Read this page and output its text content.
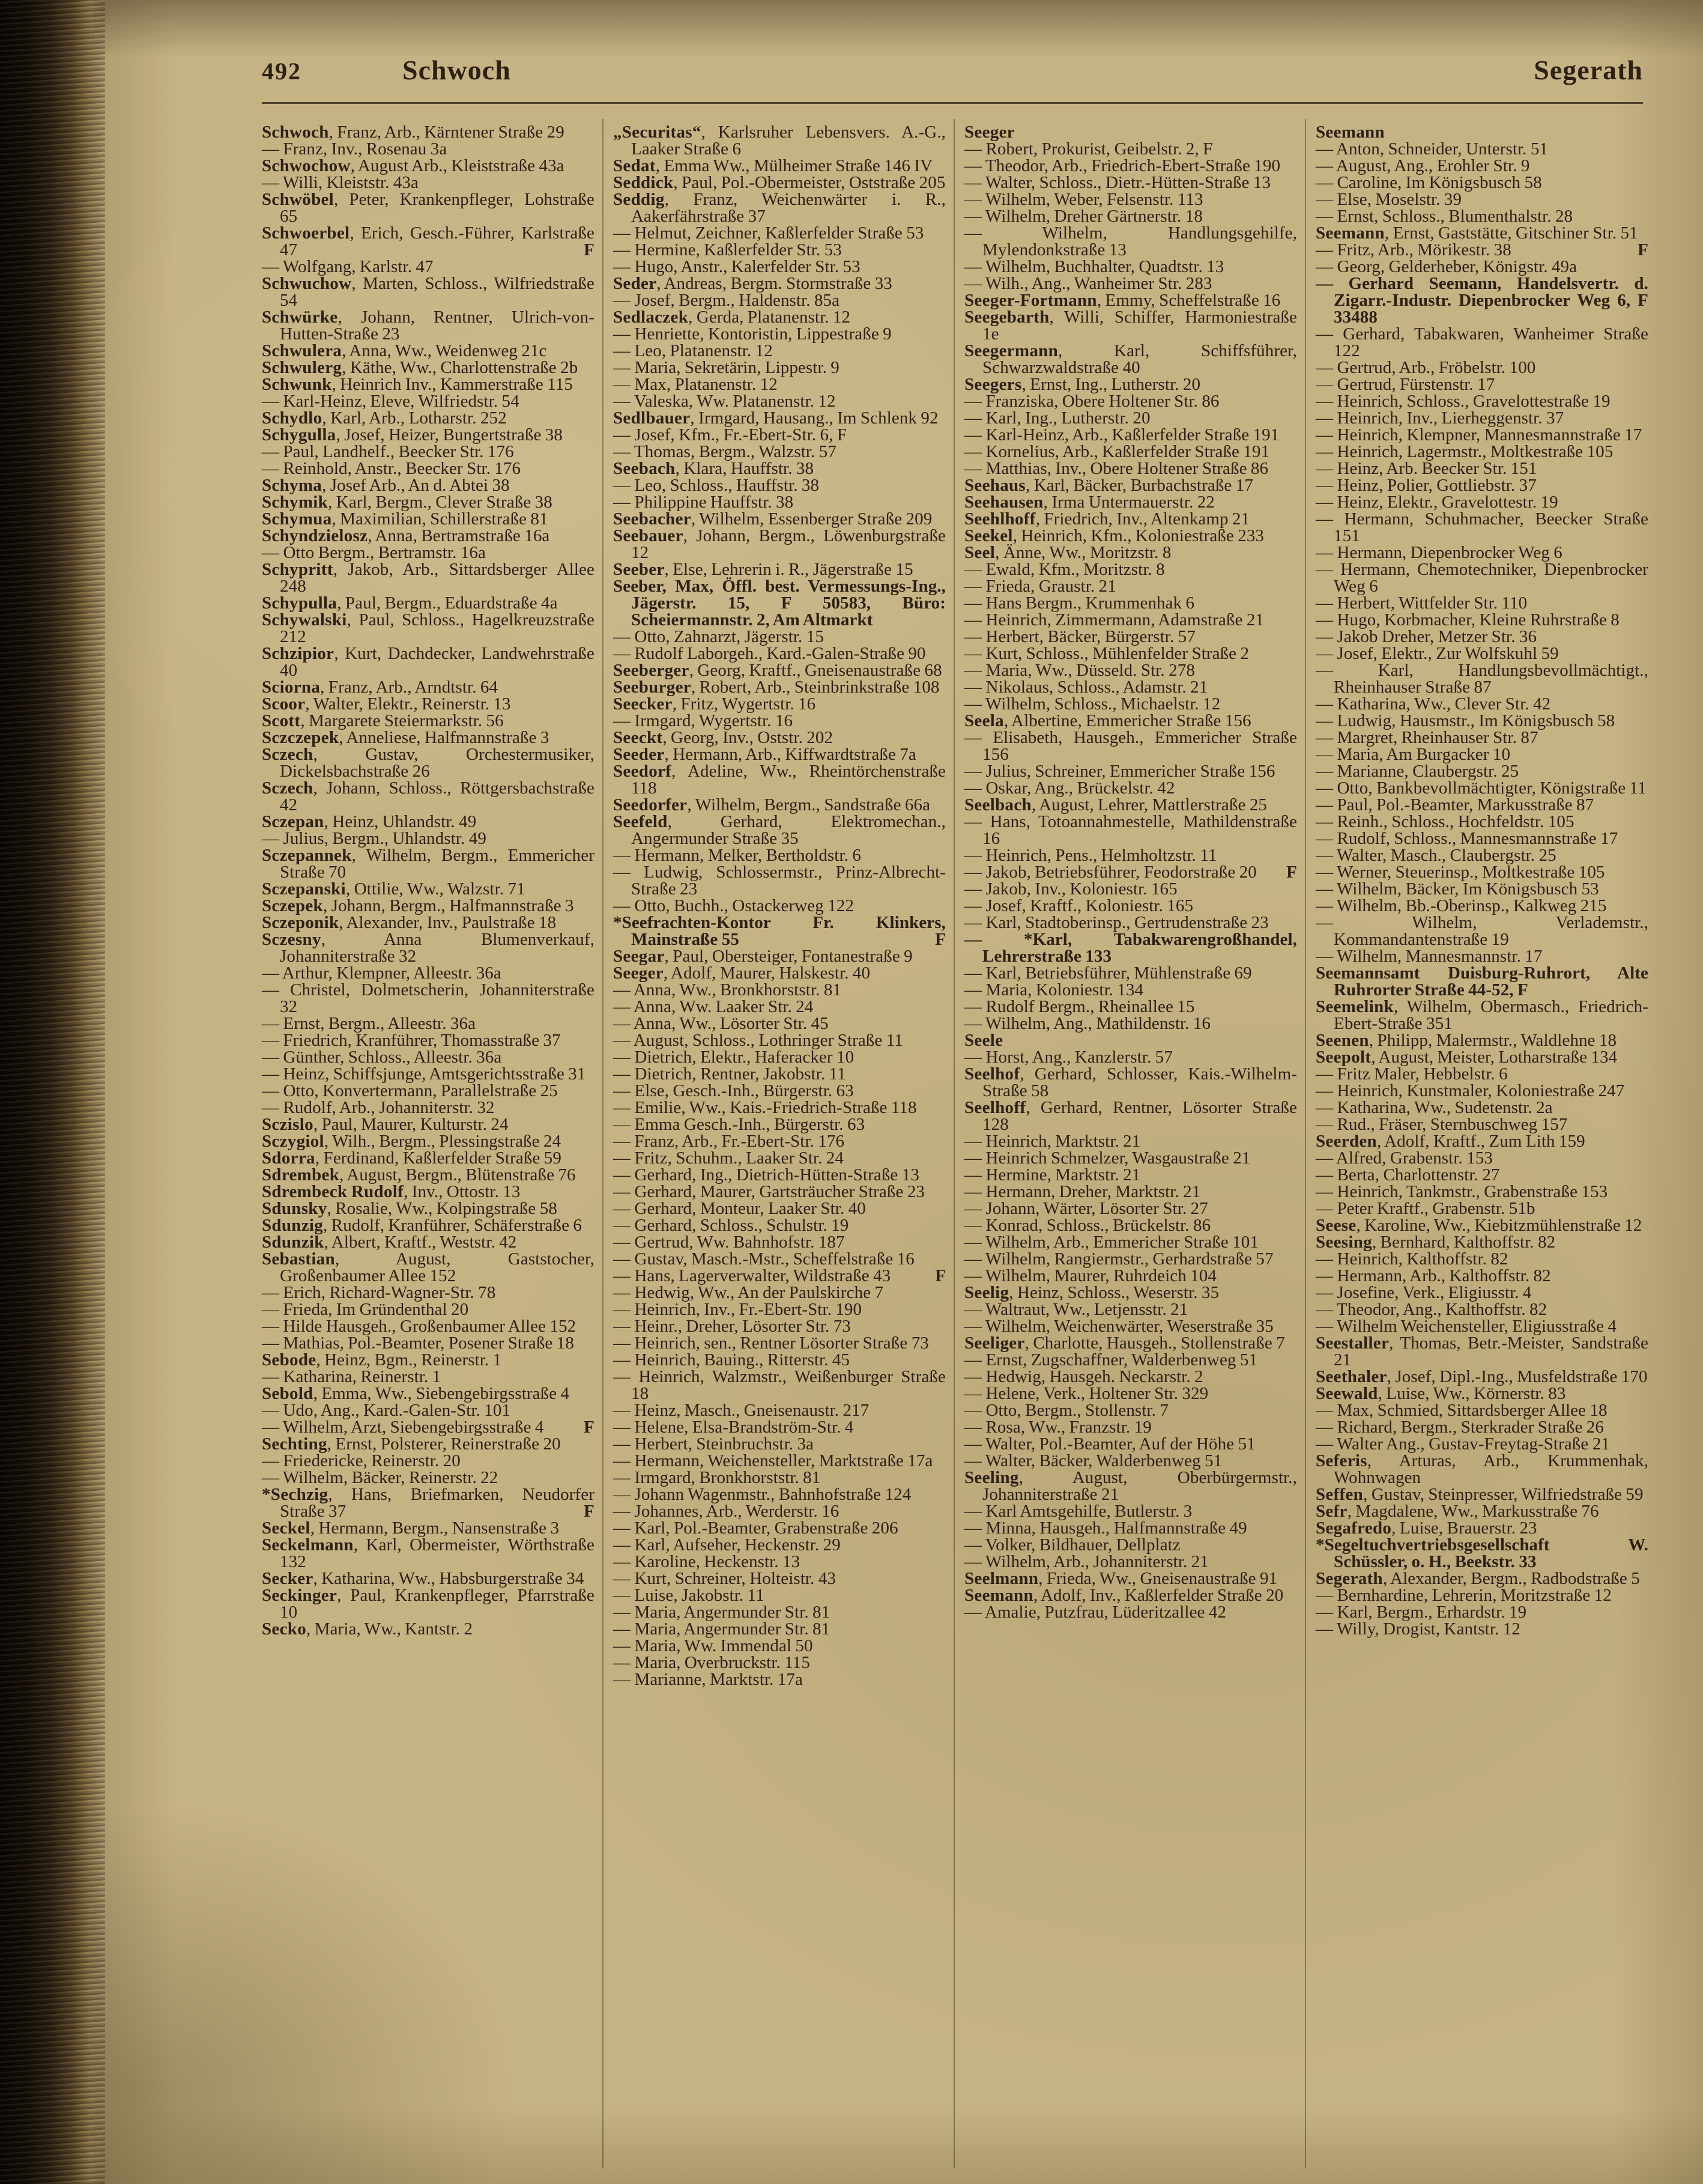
492	Schwoch	Segerath
Schwoch, Franz, Arb., Kärntener Straße 29
— Franz, Inv., Rosenau 3a
Schwochow, August Arb., Kleiststraße 43a
— Willi, Kleiststr. 43a
Schwöbel, Peter, Krankenpfleger, Lohstraße 65
Schwoerbel, Erich, Gesch.-Führer, Karlstraße 47	F
— Wolfgang, Karlstr. 47
Schwuchow, Marten, Schloss., Wilfriedstraße 54
Schwürke, Johann, Rentner, Ulrich-von-Hutten-Straße 23
Schwulera, Anna, Ww., Weidenweg 21c
Schwulerg, Käthe, Ww., Charlottenstraße 2b
Schwunk, Heinrich Inv., Kammerstraße 115
— Karl-Heinz, Eleve, Wilfriedstr. 54
Schydlo, Karl, Arb., Lotharstr. 252
Schygulla, Josef, Heizer, Bungertstraße 38
— Paul, Landhelf., Beecker Str. 176
— Reinhold, Anstr., Beecker Str. 176
Schyma, Josef Arb., An d. Abtei 38
Schymik, Karl, Bergm., Clever Straße 38
Schymua, Maximilian, Schillerstraße 81
Schyndzielosz, Anna, Bertramstraße 16a
— Otto Bergm., Bertramstr. 16a
Schypritt, Jakob, Arb., Sittardsberger Allee 248
Schypulla, Paul, Bergm., Eduardstraße 4a
Schywalski, Paul, Schloss., Hagelkreuzstraße 212
Schzipior, Kurt, Dachdecker, Landwehrstraße 40
Sciorna, Franz, Arb., Arndtstr. 64
Scoor, Walter, Elektr., Reinerstr. 13
Scott, Margarete Steiermarkstr. 56
Sczczepek, Anneliese, Halfmannstraße 3
Sczech, Gustav, Orchestermusiker, Dickelsbachstraße 26
Sczech, Johann, Schloss., Röttgersbachstraße 42
Sczepan, Heinz, Uhlandstr. 49
— Julius, Bergm., Uhlandstr. 49
Sczepannek, Wilhelm, Bergm., Emmericher Straße 70
Sczepanski, Ottilie, Ww., Walzstr. 71
Sczepek, Johann, Bergm., Halfmannstraße 3
Sczeponik, Alexander, Inv., Paulstraße 18
Sczesny, Anna Blumenverkauf, Johanniterstraße 32
— Arthur, Klempner, Alleestr. 36a
— Christel, Dolmetscherin, Johanniterstraße 32
— Ernst, Bergm., Alleestr. 36a
— Friedrich, Kranführer, Thomasstraße 37
— Günther, Schloss., Alleestr. 36a
— Heinz, Schiffsjunge, Amtsgerichtsstraße 31
— Otto, Konvertermann, Parallelstraße 25
— Rudolf, Arb., Johanniterstr. 32
Sczislo, Paul, Maurer, Kulturstr. 24
Sczygiol, Wilh., Bergm., Plessingstraße 24
Sdorra, Ferdinand, Kaßlerfelder Straße 59
Sdrembek, August, Bergm., Blütenstraße 76
Sdrembeck Rudolf, Inv., Ottostr. 13
Sdunsky, Rosalie, Ww., Kolpingstraße 58
Sdunzig, Rudolf, Kranführer, Schäferstraße 6
Sdunzik, Albert, Kraftf., Weststr. 42
Sebastian, August, Gaststocher, Großenbaumer Allee 152
— Erich, Richard-Wagner-Str. 78
— Frieda, Im Gründenthal 20
— Hilde Hausgeh., Großenbaumer Allee 152
— Mathias, Pol.-Beamter, Posener Straße 18
Sebode, Heinz, Bgm., Reinerstr. 1
— Katharina, Reinerstr. 1
Sebold, Emma, Ww., Siebengebirgsstraße 4
— Udo, Ang., Kard.-Galen-Str. 101
— Wilhelm, Arzt, Siebengebirgsstraße 4	F
Sechting, Ernst, Polsterer, Reinerstraße 20
— Friedericke, Reinerstr. 20
— Wilhelm, Bäcker, Reinerstr. 22
*Sechzig, Hans, Briefmarken, Neudorfer Straße 37	F
Seckel, Hermann, Bergm., Nansenstraße 3
Seckelmann, Karl, Obermeister, Wörthstraße 132
Secker, Katharina, Ww., Habsburgerstraße 34
Seckinger, Paul, Krankenpfleger, Pfarrstraße 10
Secko, Maria, Ww., Kantstr. 2
„Securitas“, Karlsruher Lebensvers. A.-G., Laaker Straße 6
Sedat, Emma Ww., Mülheimer Straße 146 IV
Seddick, Paul, Pol.-Obermeister, Oststraße 205
Seddig, Franz, Weichenwärter i. R., Aakerfährstraße 37
— Helmut, Zeichner, Kaßlerfelder Straße 53
— Hermine, Kaßlerfelder Str. 53
— Hugo, Anstr., Kalerfelder Str. 53
Seder, Andreas, Bergm. Stormstraße 33
— Josef, Bergm., Haldenstr. 85a
Sedlaczek, Gerda, Platanenstr. 12
— Henriette, Kontoristin, Lippestraße 9
— Leo, Platanenstr. 12
— Maria, Sekretärin, Lippestr. 9
— Max, Platanenstr. 12
— Valeska, Ww. Platanenstr. 12
Sedlbauer, Irmgard, Hausang., Im Schlenk 92
— Josef, Kfm., Fr.-Ebert-Str. 6, F
— Thomas, Bergm., Walzstr. 57
Seebach, Klara, Hauffstr. 38
— Leo, Schloss., Hauffstr. 38
— Philippine Hauffstr. 38
Seebacher, Wilhelm, Essenberger Straße 209
Seebauer, Johann, Bergm., Löwenburgstraße 12
Seeber, Else, Lehrerin i. R., Jägerstraße 15
Seeber, Max, Öffl. best. Vermessungs-Ing., Jägerstr. 15, F 50583, Büro: Scheiermannstr. 2, Am Altmarkt
— Otto, Zahnarzt, Jägerstr. 15
— Rudolf Laborgeh., Kard.-Galen-Straße 90
Seeberger, Georg, Kraftf., Gneisenaustraße 68
Seeburger, Robert, Arb., Steinbrinkstraße 108
Seecker, Fritz, Wygertstr. 16
— Irmgard, Wygertstr. 16
Seeckt, Georg, Inv., Oststr. 202
Seeder, Hermann, Arb., Kiffwardtstraße 7a
Seedorf, Adeline, Ww., Rheintörchenstraße 118
Seedorfer, Wilhelm, Bergm., Sandstraße 66a
Seefeld, Gerhard, Elektromechan., Angermunder Straße 35
— Hermann, Melker, Bertholdstr. 6
— Ludwig, Schlossermstr., Prinz-Albrecht-Straße 23
— Otto, Buchh., Ostackerweg 122
*Seefrachten-Kontor Fr. Klinkers, Mainstraße 55	F
Seegar, Paul, Obersteiger, Fontanestraße 9
Seeger, Adolf, Maurer, Halskestr. 40
— Anna, Ww., Bronkhorststr. 81
— Anna, Ww. Laaker Str. 24
— Anna, Ww., Lösorter Str. 45
— August, Schloss., Lothringer Straße 11
— Dietrich, Elektr., Haferacker 10
— Dietrich, Rentner, Jakobstr. 11
— Else, Gesch.-Inh., Bürgerstr. 63
— Emilie, Ww., Kais.-Friedrich-Straße 118
— Emma Gesch.-Inh., Bürgerstr. 63
— Franz, Arb., Fr.-Ebert-Str. 176
— Fritz, Schuhm., Laaker Str. 24
— Gerhard, Ing., Dietrich-Hütten-Straße 13
— Gerhard, Maurer, Gartsträucher Straße 23
— Gerhard, Monteur, Laaker Str. 40
— Gerhard, Schloss., Schulstr. 19
— Gertrud, Ww. Bahnhofstr. 187
— Gustav, Masch.-Mstr., Scheffelstraße 16
— Hans, Lagerverwalter, Wildstraße 43	F
— Hedwig, Ww., An der Paulskirche 7
— Heinrich, Inv., Fr.-Ebert-Str. 190
— Heinr., Dreher, Lösorter Str. 73
— Heinrich, sen., Rentner Lösorter Straße 73
— Heinrich, Bauing., Ritterstr. 45
— Heinrich, Walzmstr., Weißenburger Straße 18
— Heinz, Masch., Gneisenaustr. 217
— Helene, Elsa-Brandström-Str. 4
— Herbert, Steinbruchstr. 3a
— Hermann, Weichensteller, Marktstraße 17a
— Irmgard, Bronkhorststr. 81
— Johann Wagenmstr., Bahnhofstraße 124
— Johannes, Arb., Werderstr. 16
— Karl, Pol.-Beamter, Grabenstraße 206
— Karl, Aufseher, Heckenstr. 29
— Karoline, Heckenstr. 13
— Kurt, Schreiner, Holteistr. 43
— Luise, Jakobstr. 11
— Maria, Angermunder Str. 81
— Maria, Angermunder Str. 81
— Maria, Ww. Immendal 50
— Maria, Overbruckstr. 115
— Marianne, Marktstr. 17a
Seeger
— Robert, Prokurist, Geibelstr. 2, F
— Theodor, Arb., Friedrich-Ebert-Straße 190
— Walter, Schloss., Dietr.-Hütten-Straße 13
— Wilhelm, Weber, Felsenstr. 113
— Wilhelm, Dreher Gärtnerstr. 18
— Wilhelm, Handlungsgehilfe, Mylendonkstraße 13
— Wilhelm, Buchhalter, Quadtstr. 13
— Wilh., Ang., Wanheimer Str. 283
Seeger-Fortmann, Emmy, Scheffelstraße 16
Seegebarth, Willi, Schiffer, Harmoniestraße 1e
Seegermann, Karl, Schiffsführer, Schwarzwaldstraße 40
Seegers, Ernst, Ing., Lutherstr. 20
— Franziska, Obere Holtener Str. 86
— Karl, Ing., Lutherstr. 20
— Karl-Heinz, Arb., Kaßlerfelder Straße 191
— Kornelius, Arb., Kaßlerfelder Straße 191
— Matthias, Inv., Obere Holtener Straße 86
Seehaus, Karl, Bäcker, Burbachstraße 17
Seehausen, Irma Untermauerstr. 22
Seehlhoff, Friedrich, Inv., Altenkamp 21
Seekel, Heinrich, Kfm., Koloniestraße 233
Seel, Änne, Ww., Moritzstr. 8
— Ewald, Kfm., Moritzstr. 8
— Frieda, Graustr. 21
— Hans Bergm., Krummenhak 6
— Heinrich, Zimmermann, Adamstraße 21
— Herbert, Bäcker, Bürgerstr. 57
— Kurt, Schloss., Mühlenfelder Straße 2
— Maria, Ww., Düsseld. Str. 278
— Nikolaus, Schloss., Adamstr. 21
— Wilhelm, Schloss., Michaelstr. 12
Seela, Albertine, Emmericher Straße 156
— Elisabeth, Hausgeh., Emmericher Straße 156
— Julius, Schreiner, Emmericher Straße 156
— Oskar, Ang., Brückelstr. 42
Seelbach, August, Lehrer, Mattlerstraße 25
— Hans, Totoannahmestelle, Mathildenstraße 16
— Heinrich, Pens., Helmholtzstr. 11
— Jakob, Betriebsführer, Feodorstraße 20	F
— Jakob, Inv., Koloniestr. 165
— Josef, Kraftf., Koloniestr. 165
— Karl, Stadtoberinsp., Gertrudenstraße 23
— *Karl, Tabakwarengroßhandel, Lehrerstraße 133
— Karl, Betriebsführer, Mühlenstraße 69
— Maria, Koloniestr. 134
— Rudolf Bergm., Rheinallee 15
— Wilhelm, Ang., Mathildenstr. 16
Seele
— Horst, Ang., Kanzlerstr. 57
Seelhof, Gerhard, Schlosser, Kais.-Wilhelm-Straße 58
Seelhoff, Gerhard, Rentner, Lösorter Straße 128
— Heinrich, Marktstr. 21
— Heinrich Schmelzer, Wasgaustraße 21
— Hermine, Marktstr. 21
— Hermann, Dreher, Marktstr. 21
— Johann, Wärter, Lösorter Str. 27
— Konrad, Schloss., Brückelstr. 86
— Wilhelm, Arb., Emmericher Straße 101
— Wilhelm, Rangiermstr., Gerhardstraße 57
— Wilhelm, Maurer, Ruhrdeich 104
Seelig, Heinz, Schloss., Weserstr. 35
— Waltraut, Ww., Letjensstr. 21
— Wilhelm, Weichenwärter, Weserstraße 35
Seeliger, Charlotte, Hausgeh., Stollenstraße 7
— Ernst, Zugschaffner, Walderbenweg 51
— Hedwig, Hausgeh. Neckarstr. 2
— Helene, Verk., Holtener Str. 329
— Otto, Bergm., Stollenstr. 7
— Rosa, Ww., Franzstr. 19
— Walter, Pol.-Beamter, Auf der Höhe 51
— Walter, Bäcker, Walderbenweg 51
Seeling, August, Oberbürgermstr., Johanniterstraße 21
— Karl Amtsgehilfe, Butlerstr. 3
— Minna, Hausgeh., Halfmannstraße 49
— Volker, Bildhauer, Dellplatz
— Wilhelm, Arb., Johanniterstr. 21
Seelmann, Frieda, Ww., Gneisenaustraße 91
Seemann, Adolf, Inv., Kaßlerfelder Straße 20
— Amalie, Putzfrau, Lüderitzallee 42
Seemann
— Anton, Schneider, Unterstr. 51
— August, Ang., Erohler Str. 9
— Caroline, Im Königsbusch 58
— Else, Moselstr. 39
— Ernst, Schloss., Blumenthalstr. 28
Seemann, Ernst, Gaststätte, Gitschiner Str. 51
F
— Fritz, Arb., Mörikestr. 38
— Georg, Gelderheber, Königstr. 49a
— Gerhard Seemann, Handelsvertr. d. Zigarr.-Industr. Diepenbrocker Weg 6, F 33488
— Gerhard, Tabakwaren, Wanheimer Straße 122
— Gertrud, Arb., Fröbelstr. 100
— Gertrud, Fürstenstr. 17
— Heinrich, Schloss., Gravelottestraße 19
— Heinrich, Inv., Lierheggenstr. 37
— Heinrich, Klempner, Mannesmannstraße 17
— Heinrich, Lagermstr., Moltkestraße 105
— Heinz, Arb. Beecker Str. 151
— Heinz, Polier, Gottliebstr. 37
— Heinz, Elektr., Gravelottestr. 19
— Hermann, Schuhmacher, Beecker Straße 151
— Hermann, Diepenbrocker Weg 6
— Hermann, Chemotechniker, Diepenbrocker Weg 6
— Herbert, Wittfelder Str. 110
— Hugo, Korbmacher, Kleine Ruhrstraße 8
— Jakob Dreher, Metzer Str. 36
— Josef, Elektr., Zur Wolfskuhl 59
— Karl, Handlungsbevollmächtigt., Rheinhauser Straße 87
— Katharina, Ww., Clever Str. 42
— Ludwig, Hausmstr., Im Königsbusch 58
— Margret, Rheinhauser Str. 87
— Maria, Am Burgacker 10
— Marianne, Claubergstr. 25
— Otto, Bankbevollmächtigter, Königstraße 11
— Paul, Pol.-Beamter, Markusstraße 87
— Reinh., Schloss., Hochfeldstr. 105
— Rudolf, Schloss., Mannesmannstraße 17
— Walter, Masch., Claubergstr. 25
— Werner, Steuerinsp., Moltkestraße 105
— Wilhelm, Bäcker, Im Königsbusch 53
— Wilhelm, Bb.-Oberinsp., Kalkweg 215
— Wilhelm, Verlademstr., Kommandantenstraße 19
— Wilhelm, Mannesmannstr. 17
Seemannsamt Duisburg-Ruhrort, Alte Ruhrorter Straße 44-52, F
Seemelink, Wilhelm, Obermasch., Friedrich-Ebert-Straße 351
Seenen, Philipp, Malermstr., Waldlehne 18
Seepolt, August, Meister, Lotharstraße 134
— Fritz Maler, Hebbelstr. 6
— Heinrich, Kunstmaler, Koloniestraße 247
— Katharina, Ww., Sudetenstr. 2a
— Rud., Fräser, Sternbuschweg 157
Seerden, Adolf, Kraftf., Zum Lith 159
— Alfred, Grabenstr. 153
— Berta, Charlottenstr. 27
— Heinrich, Tankmstr., Grabenstraße 153
— Peter Kraftf., Grabenstr. 51b
Seese, Karoline, Ww., Kiebitzmühlenstraße 12
Seesing, Bernhard, Kalthoffstr. 82
— Heinrich, Kalthoffstr. 82
— Hermann, Arb., Kalthoffstr. 82
— Josefine, Verk., Eligiusstr. 4
— Theodor, Ang., Kalthoffstr. 82
— Wilhelm Weichensteller, Eligiusstraße 4
Seestaller, Thomas, Betr.-Meister, Sandstraße 21
Seethaler, Josef, Dipl.-Ing., Musfeldstraße 170
Seewald, Luise, Ww., Körnerstr. 83
— Max, Schmied, Sittardsberger Allee 18
— Richard, Bergm., Sterkrader Straße 26
— Walter Ang., Gustav-Freytag-Straße 21
Seferis, Arturas, Arb., Krummenhak, Wohnwagen
Seffen, Gustav, Steinpresser, Wilfriedstraße 59
Sefr, Magdalene, Ww., Markusstraße 76
Segafredo, Luise, Brauerstr. 23
*Segeltuchvertriebsgesellschaft W. Schüssler, o. H., Beekstr. 33
Segerath, Alexander, Bergm., Radbodstraße 5
— Bernhardine, Lehrerin, Moritzstraße 12
— Karl, Bergm., Erhardstr. 19
— Willy, Drogist, Kantstr. 12
